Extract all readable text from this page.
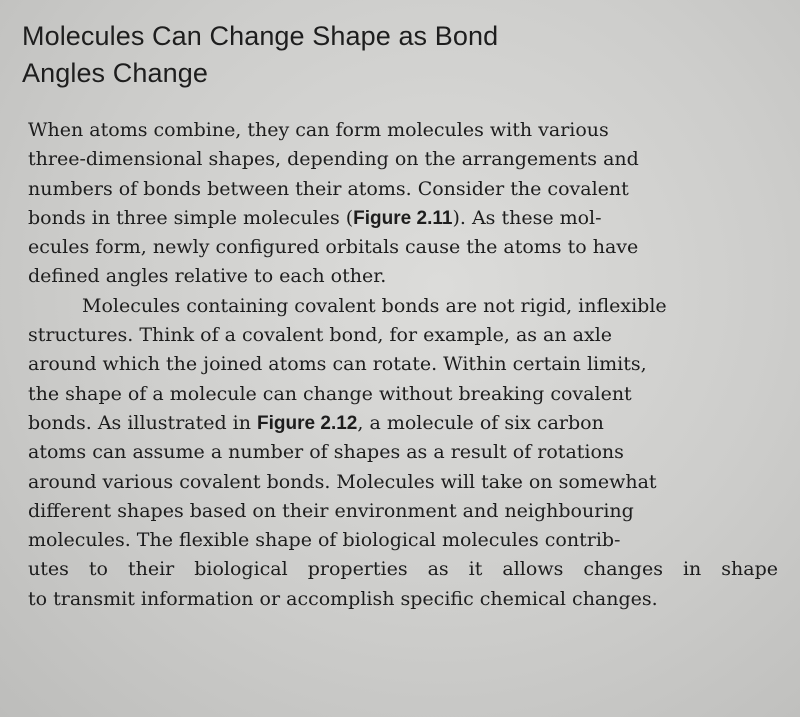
Molecules Can Change Shape as Bond
Angles Change
When atoms combine, they can form molecules with various
three-dimensional shapes, depending on the arrangements and
numbers of bonds between their atoms. Consider the covalent
bonds in three simple molecules (Figure 2.11). As these mol-
ecules form, newly configured orbitals cause the atoms to have
defined angles relative to each other.
Molecules containing covalent bonds are not rigid, inflexible
structures. Think of a covalent bond, for example, as an axle
around which the joined atoms can rotate. Within certain limits,
the shape of a molecule can change without breaking covalent
bonds. As illustrated in Figure 2.12, a molecule of six carbon
atoms can assume a number of shapes as a result of rotations
around various covalent bonds. Molecules will take on somewhat
different shapes based on their environment and neighbouring
molecules. The flexible shape of biological molecules contrib-
utes to their biological properties as it allows changes in shape
to transmit information or accomplish specific chemical changes.
